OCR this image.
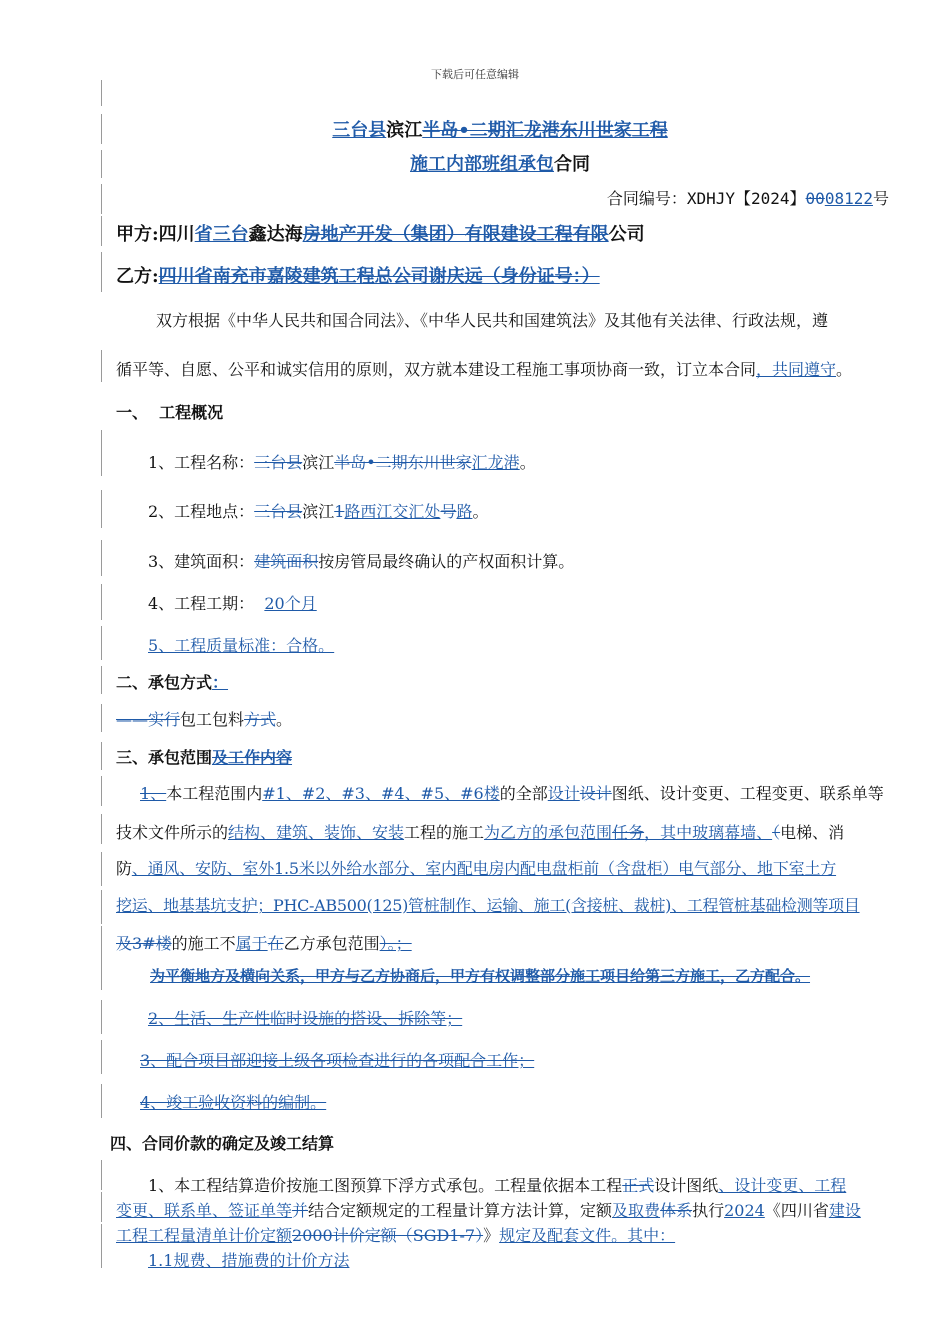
下载后可任意编辑
三台县滨江半岛•二期汇龙港东川世家工程
施工内部班组承包合同
合同编号：XDHJY【2024】0008122号
甲方:四川省三台鑫达海房地产开发（集团）有限建设工程有限公司
乙方:四川省南充市嘉陵建筑工程总公司谢庆远（身份证号：）
双方根据《中华人民共和国合同法》、《中华人民共和国建筑法》及其他有关法律、行政法规，遵
循平等、自愿、公平和诚实信用的原则，双方就本建设工程施工事项协商一致，订立本合同，共同遵守。
一、  工程概况
1、工程名称：三台县滨江半岛•二期东川世家汇龙港。
2、工程地点：三台县滨江1路西江交汇处号路。
3、建筑面积：建筑面积按房管局最终确认的产权面积计算。
4、工程工期： 20个月
5、工程质量标准：合格。
二、承包方式：
——实行包工包料方式。
三、承包范围及工作内容
1、本工程范围内#1、#2、#3、#4、#5、#6楼的全部设计设计图纸、设计变更、工程变更、联系单等
技术文件所示的结构、建筑、装饰、安装工程的施工为乙方的承包范围任务，其中玻璃幕墙、（电梯、消
防、通风、安防、室外1.5米以外给水部分、室内配电房内配电盘柜前（含盘柜）电气部分、地下室土方
挖运、地基基坑支护；PHC-AB500(125)管桩制作、运输、施工(含接桩、裁桩)、工程管桩基础检测等项目
及3#楼的施工不属于在乙方承包范围）。；
为平衡地方及横向关系，甲方与乙方协商后，甲方有权调整部分施工项目给第三方施工，乙方配合。
2、生活、生产性临时设施的搭设、拆除等；
3、配合项目部迎接上级各项检查进行的各项配合工作；
4、竣工验收资料的编制。
四、合同价款的确定及竣工结算
1、本工程结算造价按施工图预算下浮方式承包。工程量依据本工程正式设计图纸、设计变更、工程
变更、联系单、签证单等并结合定额规定的工程量计算方法计算，定额及取费体系执行2024《四川省建设
工程工程量清单计价定额2000计价定额（SGD1-7）》规定及配套文件。其中：
1.1规费、措施费的计价方法
